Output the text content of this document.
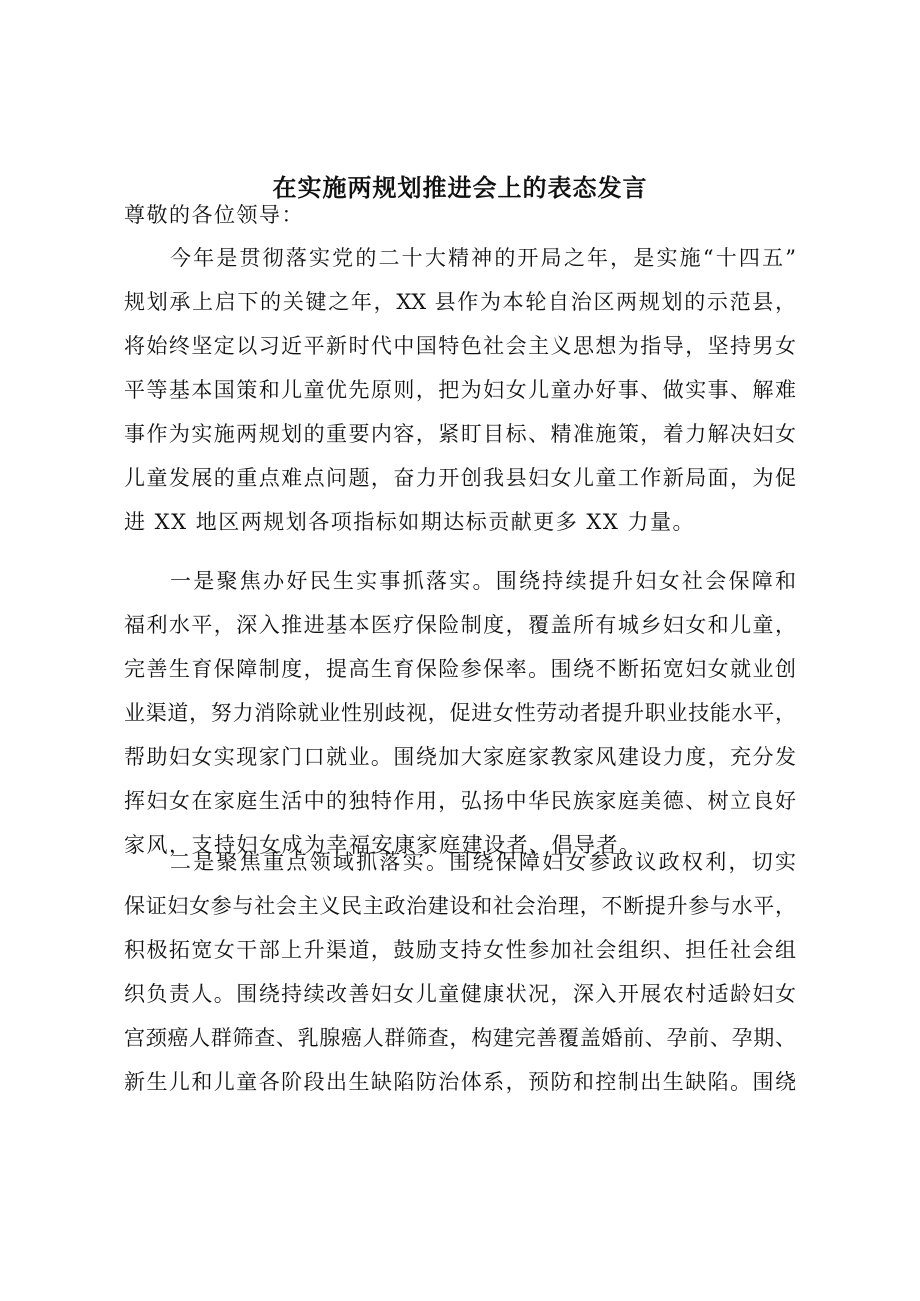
在实施两规划推进会上的表态发言

尊敬的各位领导：

今年是贯彻落实党的二十大精神的开局之年，是实施“十四五”
规划承上启下的关键之年，XX 县作为本轮自治区两规划的示范县，
将始终坚定以习近平新时代中国特色社会主义思想为指导，坚持男女
平等基本国策和儿童优先原则，把为妇女儿童办好事、做实事、解难
事作为实施两规划的重要内容，紧盯目标、精准施策，着力解决妇女
儿童发展的重点难点问题，奋力开创我县妇女儿童工作新局面，为促
进 XX 地区两规划各项指标如期达标贡献更多 XX 力量。
一是聚焦办好民生实事抓落实。围绕持续提升妇女社会保障和
福利水平，深入推进基本医疗保险制度，覆盖所有城乡妇女和儿童，
完善生育保障制度，提高生育保险参保率。围绕不断拓宽妇女就业创
业渠道，努力消除就业性别歧视，促进女性劳动者提升职业技能水平，
帮助妇女实现家门口就业。围绕加大家庭家教家风建设力度，充分发
挥妇女在家庭生活中的独特作用，弘扬中华民族家庭美德、树立良好
家风，支持妇女成为幸福安康家庭建设者、倡导者。
二是聚焦重点领域抓落实。围绕保障妇女参政议政权利，切实
保证妇女参与社会主义民主政治建设和社会治理，不断提升参与水平，
积极拓宽女干部上升渠道，鼓励支持女性参加社会组织、担任社会组
织负责人。围绕持续改善妇女儿童健康状况，深入开展农村适龄妇女
宫颈癌人群筛查、乳腺癌人群筛查，构建完善覆盖婚前、孕前、孕期、
新生儿和儿童各阶段出生缺陷防治体系，预防和控制出生缺陷。围绕
